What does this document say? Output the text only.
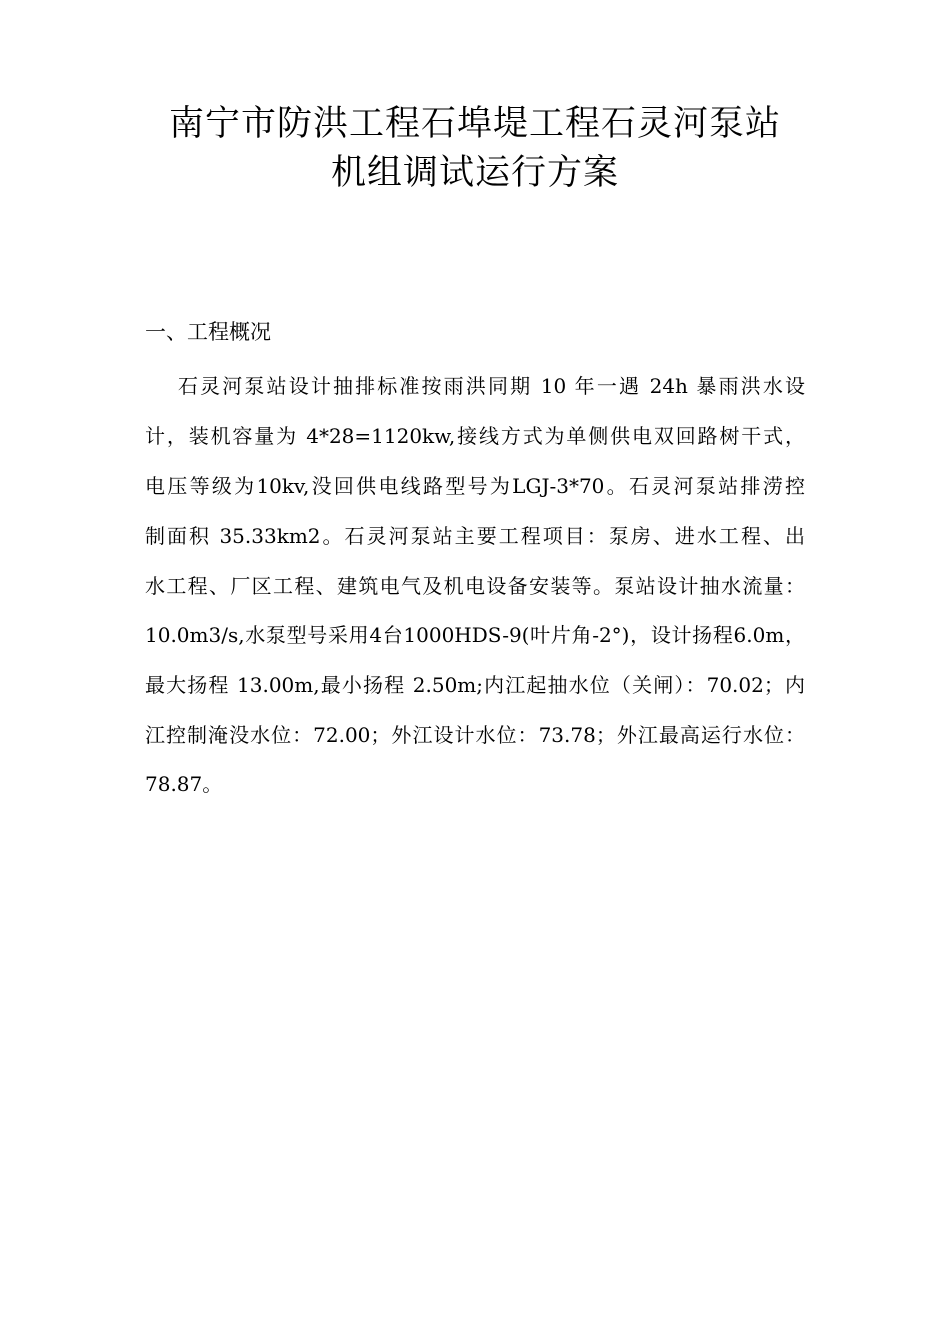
南宁市防洪工程石埠堤工程石灵河泵站
机组调试运行方案
一、工程概况
石灵河泵站设计抽排标准按雨洪同期 10 年一遇 24h 暴雨洪水设
计，装机容量为 4*28=1120kw,接线方式为单侧供电双回路树干式，
电压等级为10kv,没回供电线路型号为LGJ-3*70。石灵河泵站排涝控
制面积 35.33km2。石灵河泵站主要工程项目：泵房、进水工程、出
水工程、厂区工程、建筑电气及机电设备安装等。泵站设计抽水流量：
10.0m3/s,水泵型号采用4台1000HDS-9(叶片角-2°)，设计扬程6.0m，
最大扬程 13.00m,最小扬程 2.50m;内江起抽水位（关闸）：70.02；内
江控制淹没水位：72.00；外江设计水位：73.78；外江最高运行水位：
78.87。
